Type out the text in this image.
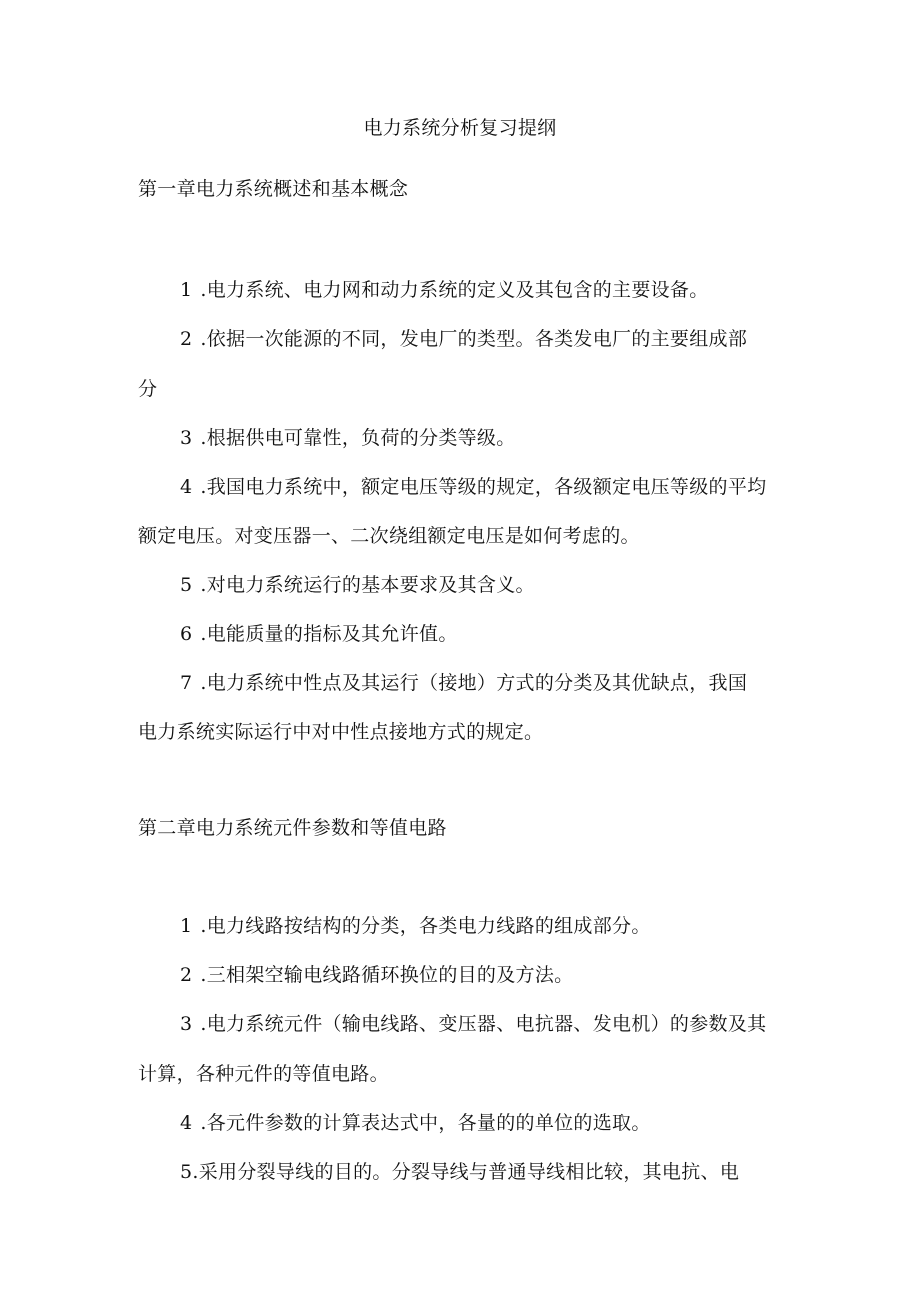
电力系统分析复习提纲
第一章电力系统概述和基本概念
1 .电力系统、电力网和动力系统的定义及其包含的主要设备。
2 .依据一次能源的不同，发电厂的类型。各类发电厂的主要组成部
分
3 .根据供电可靠性，负荷的分类等级。
4 .我国电力系统中，额定电压等级的规定，各级额定电压等级的平均
额定电压。对变压器一、二次绕组额定电压是如何考虑的。
5 .对电力系统运行的基本要求及其含义。
6 .电能质量的指标及其允许值。
7 .电力系统中性点及其运行（接地）方式的分类及其优缺点，我国
电力系统实际运行中对中性点接地方式的规定。
第二章电力系统元件参数和等值电路
1 .电力线路按结构的分类，各类电力线路的组成部分。
2 .三相架空输电线路循环换位的目的及方法。
3 .电力系统元件（输电线路、变压器、电抗器、发电机）的参数及其
计算，各种元件的等值电路。
4 .各元件参数的计算表达式中，各量的的单位的选取。
5.采用分裂导线的目的。分裂导线与普通导线相比较，其电抗、电
